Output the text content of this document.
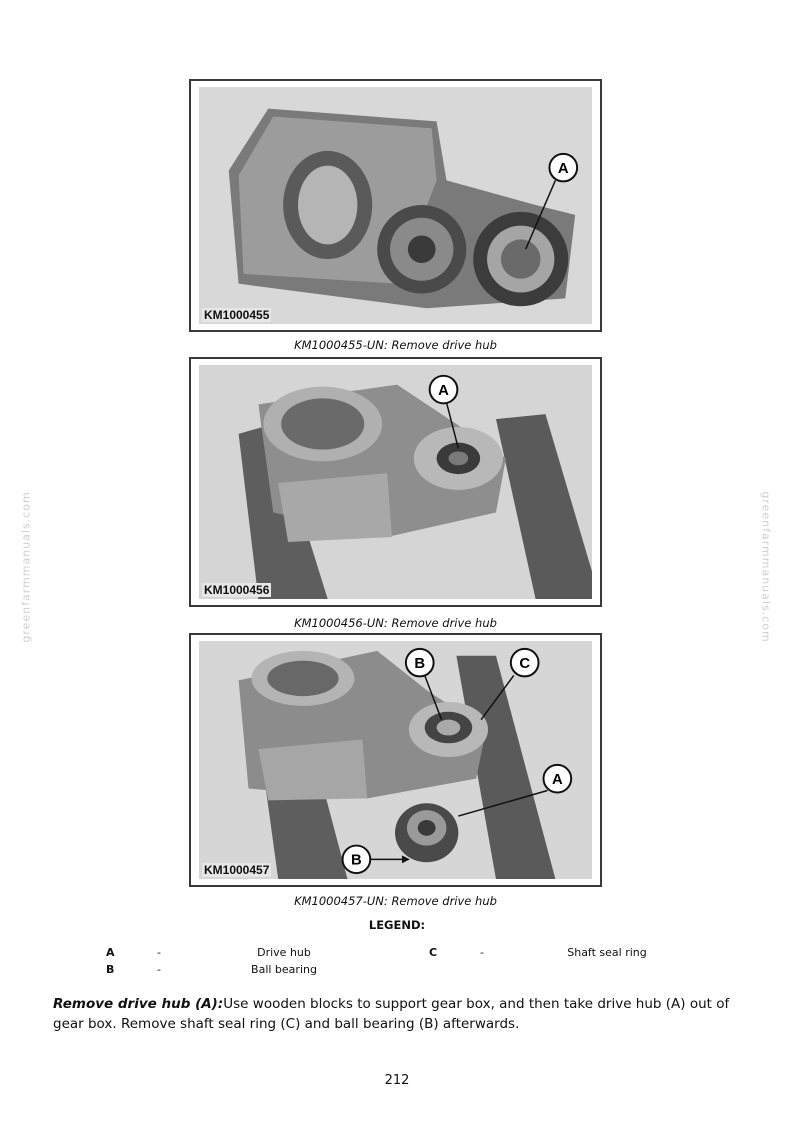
greenfarmmanuals.com	greenfarmmanuals.com
A
KM1000455
KM1000455-UN: Remove drive hub
A
KM1000456
KM1000456-UN: Remove drive hub
B	C
A
B
KM1000457
KM1000457-UN: Remove drive hub
LEGEND:
A	-	Drive hub
B	-	Ball bearing
C	-	Shaft seal ring
Remove drive hub (A):Use wooden blocks to support gear box, and then take drive hub (A) out of gear box. Remove shaft seal ring (C) and ball bearing (B) afterwards.
212
